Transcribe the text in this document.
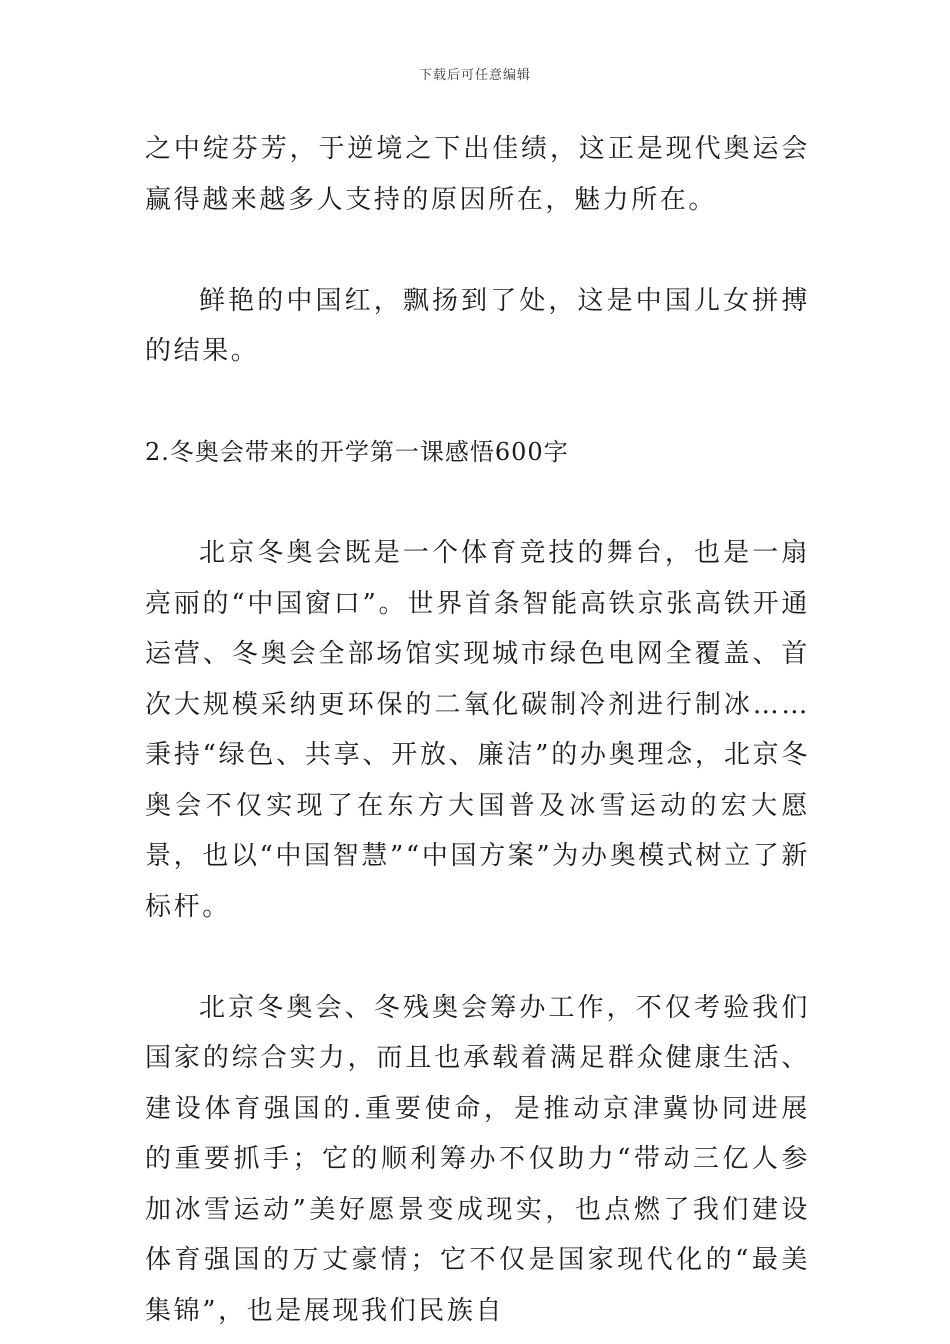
下载后可任意编辑

之中绽芬芳，于逆境之下出佳绩，这正是现代奥运会赢得越来越多人支持的原因所在，魅力所在。

鲜艳的中国红，飘扬到了处，这是中国儿女拼搏的结果。

2.冬奥会带来的开学第一课感悟600字

北京冬奥会既是一个体育竞技的舞台，也是一扇亮丽的“中国窗口”。世界首条智能高铁京张高铁开通运营、冬奥会全部场馆实现城市绿色电网全覆盖、首次大规模采纳更环保的二氧化碳制冷剂进行制冰……秉持“绿色、共享、开放、廉洁”的办奥理念，北京冬奥会不仅实现了在东方大国普及冰雪运动的宏大愿景，也以“中国智慧”“中国方案”为办奥模式树立了新标杆。

北京冬奥会、冬残奥会筹办工作，不仅考验我们国家的综合实力，而且也承载着满足群众健康生活、建设体育强国的.重要使命，是推动京津冀协同进展的重要抓手；它的顺利筹办不仅助力“带动三亿人参加冰雪运动”美好愿景变成现实，也点燃了我们建设体育强国的万丈豪情；它不仅是国家现代化的“最美集锦”，也是展现我们民族自
